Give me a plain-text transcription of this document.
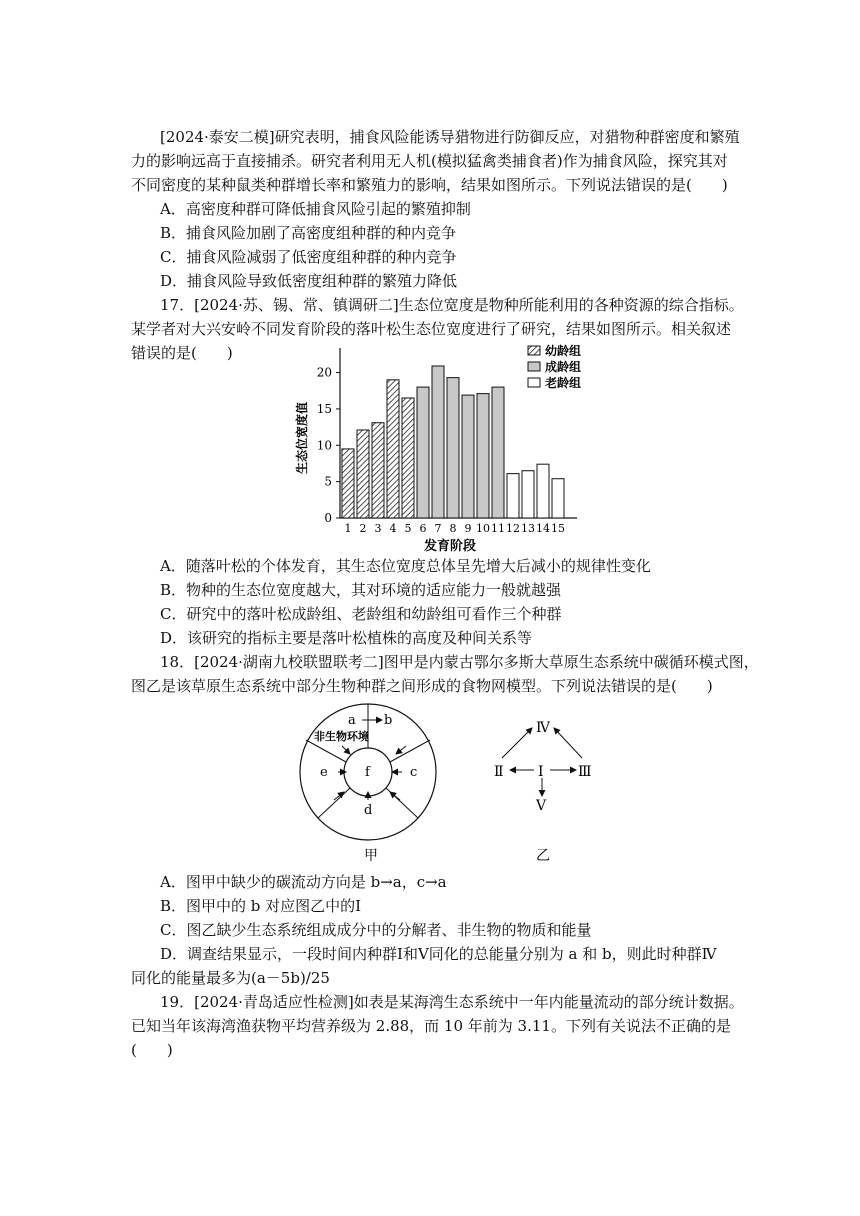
[2024·泰安二模]研究表明，捕食风险能诱导猎物进行防御反应，对猎物种群密度和繁殖
力的影响远高于直接捕杀。研究者利用无人机(模拟猛禽类捕食者)作为捕食风险，探究其对
不同密度的某种鼠类种群增长率和繁殖力的影响，结果如图所示。下列说法错误的是(　　)
A．高密度种群可降低捕食风险引起的繁殖抑制
B．捕食风险加剧了高密度组种群的种内竞争
C．捕食风险减弱了低密度组种群的种内竞争
D．捕食风险导致低密度组种群的繁殖力降低
17．[2024·苏、锡、常、镇调研二]生态位宽度是物种所能利用的各种资源的综合指标。
某学者对大兴安岭不同发育阶段的落叶松生态位宽度进行了研究，结果如图所示。相关叙述
错误的是(　　)
0
5
10
15
20
1 2 3 4 5 6 7 8 9 10 11 12 13 14 15
发育阶段
生态位宽度值
幼龄组
成龄组
老龄组
A．随落叶松的个体发育，其生态位宽度总体呈先增大后减小的规律性变化
B．物种的生态位宽度越大，其对环境的适应能力一般就越强
C．研究中的落叶松成龄组、老龄组和幼龄组可看作三个种群
D．该研究的指标主要是落叶松植株的高度及种间关系等
18．[2024·湖南九校联盟联考二]图甲是内蒙古鄂尔多斯大草原生态系统中碳循环模式图，
图乙是该草原生态系统中部分生物种群之间形成的食物网模型。下列说法错误的是(　　)
a b
非生物环境
e	f	c
d
甲
Ⅳ
Ⅱ Ⅰ Ⅲ
Ⅴ
乙
A．图甲中缺少的碳流动方向是 b→a，c→a
B．图甲中的 b 对应图乙中的Ⅰ
C．图乙缺少生态系统组成成分中的分解者、非生物的物质和能量
D．调查结果显示，一段时间内种群Ⅰ和Ⅴ同化的总能量分别为 a 和 b，则此时种群Ⅳ
同化的能量最多为(a－5b)/25
19．[2024·青岛适应性检测]如表是某海湾生态系统中一年内能量流动的部分统计数据。
已知当年该海湾渔获物平均营养级为 2.88，而 10 年前为 3.11。下列有关说法不正确的是
(　　)
